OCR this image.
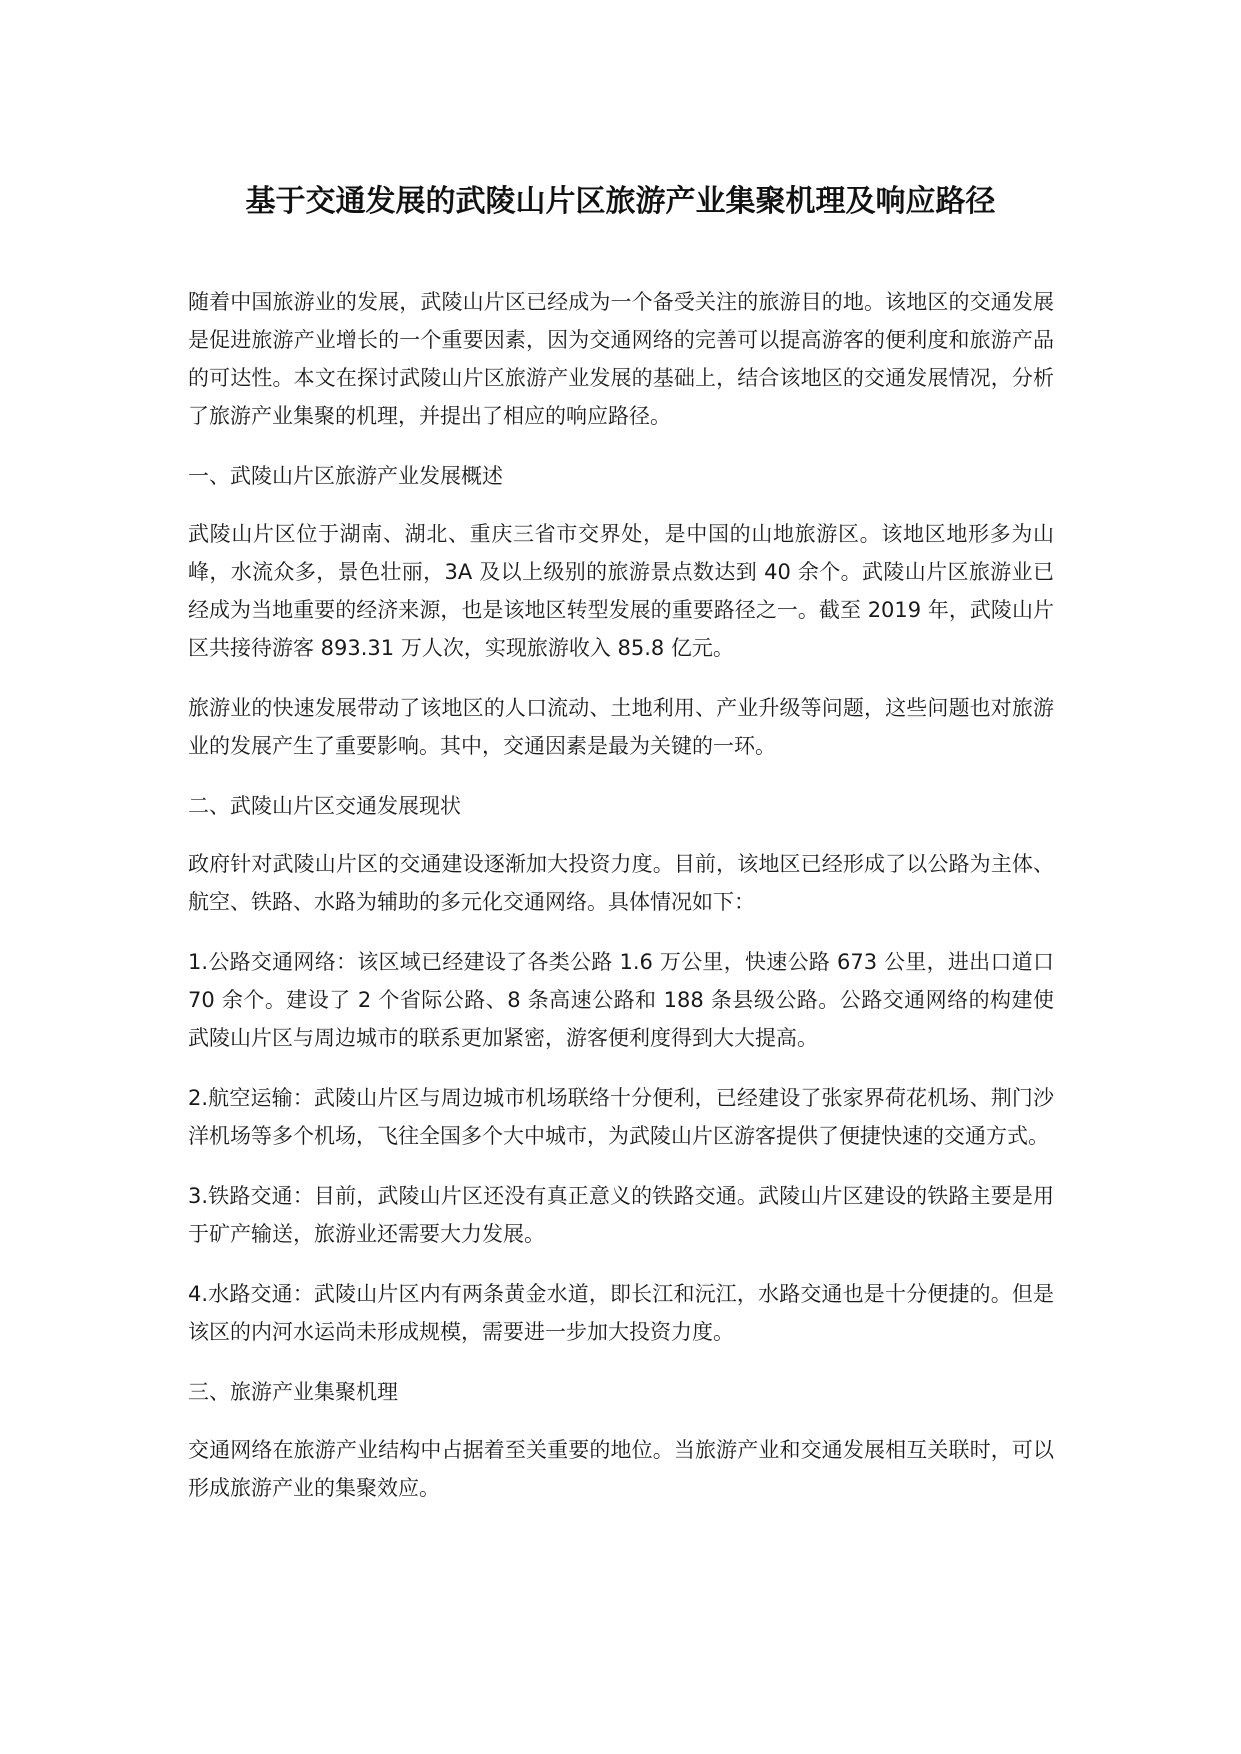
基于交通发展的武陵山片区旅游产业集聚机理及响应路径

随着中国旅游业的发展，武陵山片区已经成为一个备受关注的旅游目的地。该地区的交通发展是促进旅游产业增长的一个重要因素，因为交通网络的完善可以提高游客的便利度和旅游产品的可达性。本文在探讨武陵山片区旅游产业发展的基础上，结合该地区的交通发展情况，分析了旅游产业集聚的机理，并提出了相应的响应路径。

一、武陵山片区旅游产业发展概述

武陵山片区位于湖南、湖北、重庆三省市交界处，是中国的山地旅游区。该地区地形多为山峰，水流众多，景色壮丽，3A 及以上级别的旅游景点数达到 40 余个。武陵山片区旅游业已经成为当地重要的经济来源，也是该地区转型发展的重要路径之一。截至 2019 年，武陵山片区共接待游客 893.31 万人次，实现旅游收入 85.8 亿元。

旅游业的快速发展带动了该地区的人口流动、土地利用、产业升级等问题，这些问题也对旅游业的发展产生了重要影响。其中，交通因素是最为关键的一环。

二、武陵山片区交通发展现状

政府针对武陵山片区的交通建设逐渐加大投资力度。目前，该地区已经形成了以公路为主体、航空、铁路、水路为辅助的多元化交通网络。具体情况如下：

1.公路交通网络：该区域已经建设了各类公路 1.6 万公里，快速公路 673 公里，进出口道口 70 余个。建设了 2 个省际公路、8 条高速公路和 188 条县级公路。公路交通网络的构建使武陵山片区与周边城市的联系更加紧密，游客便利度得到大大提高。

2.航空运输：武陵山片区与周边城市机场联络十分便利，已经建设了张家界荷花机场、荆门沙洋机场等多个机场，飞往全国多个大中城市，为武陵山片区游客提供了便捷快速的交通方式。

3.铁路交通：目前，武陵山片区还没有真正意义的铁路交通。武陵山片区建设的铁路主要是用于矿产输送，旅游业还需要大力发展。

4.水路交通：武陵山片区内有两条黄金水道，即长江和沅江，水路交通也是十分便捷的。但是该区的内河水运尚未形成规模，需要进一步加大投资力度。

三、旅游产业集聚机理

交通网络在旅游产业结构中占据着至关重要的地位。当旅游产业和交通发展相互关联时，可以形成旅游产业的集聚效应。
